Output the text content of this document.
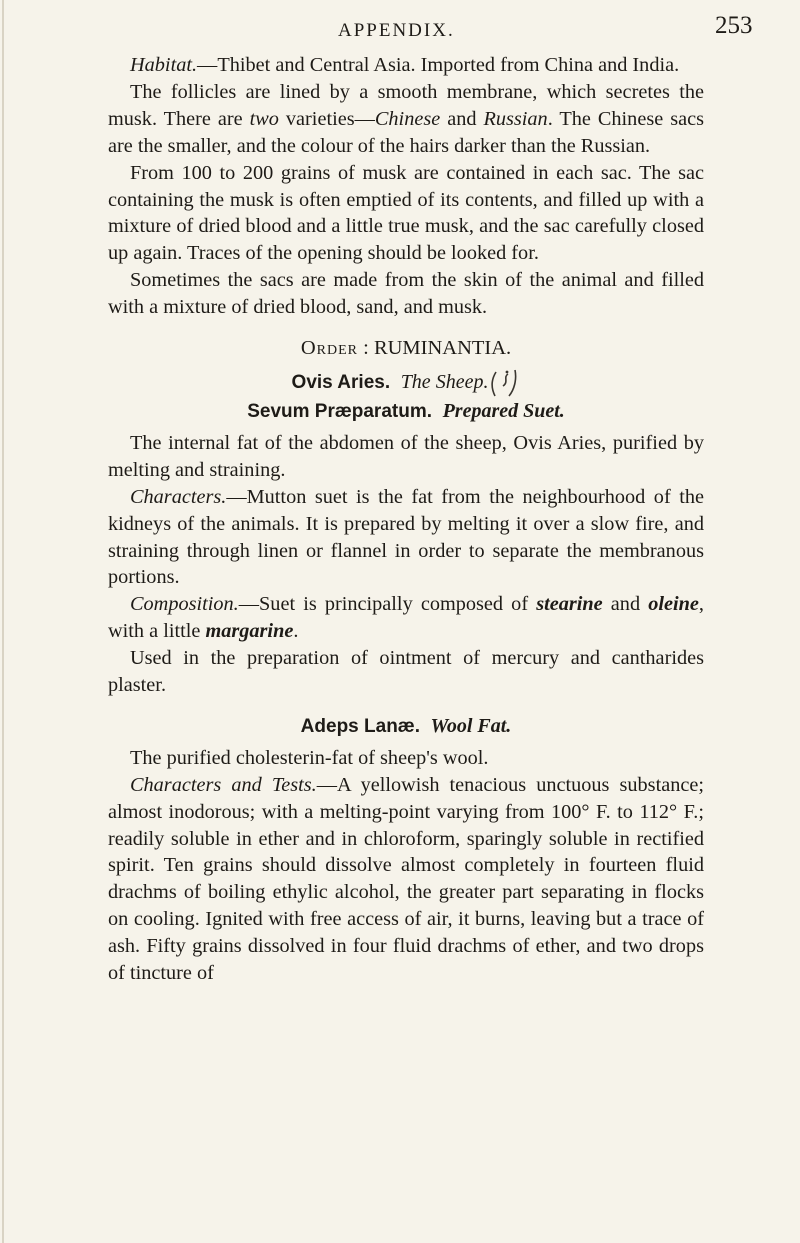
APPENDIX.	253

Habitat.—Thibet and Central Asia. Imported from China and India.

The follicles are lined by a smooth membrane, which secretes the musk. There are two varieties—Chinese and Russian. The Chinese sacs are the smaller, and the colour of the hairs darker than the Russian.

From 100 to 200 grains of musk are contained in each sac. The sac containing the musk is often emptied of its contents, and filled up with a mixture of dried blood and a little true musk, and the sac carefully closed up again. Traces of the opening should be looked for.

Sometimes the sacs are made from the skin of the animal and filled with a mixture of dried blood, sand, and musk.

Order : RUMINANTIA.

Ovis Aries. The Sheep.

Sevum Præparatum. Prepared Suet.

The internal fat of the abdomen of the sheep, Ovis Aries, purified by melting and straining.

Characters.—Mutton suet is the fat from the neighbourhood of the kidneys of the animals. It is prepared by melting it over a slow fire, and straining through linen or flannel in order to separate the membranous portions.

Composition.—Suet is principally composed of stearine and oleine, with a little margarine.

Used in the preparation of ointment of mercury and cantharides plaster.

Adeps Lanæ. Wool Fat.

The purified cholesterin-fat of sheep's wool.

Characters and Tests.—A yellowish tenacious unctuous substance; almost inodorous; with a melting-point varying from 100° F. to 112° F.; readily soluble in ether and in chloroform, sparingly soluble in rectified spirit. Ten grains should dissolve almost completely in fourteen fluid drachms of boiling ethylic alcohol, the greater part separating in flocks on cooling. Ignited with free access of air, it burns, leaving but a trace of ash. Fifty grains dissolved in four fluid drachms of ether, and two drops of tincture of
